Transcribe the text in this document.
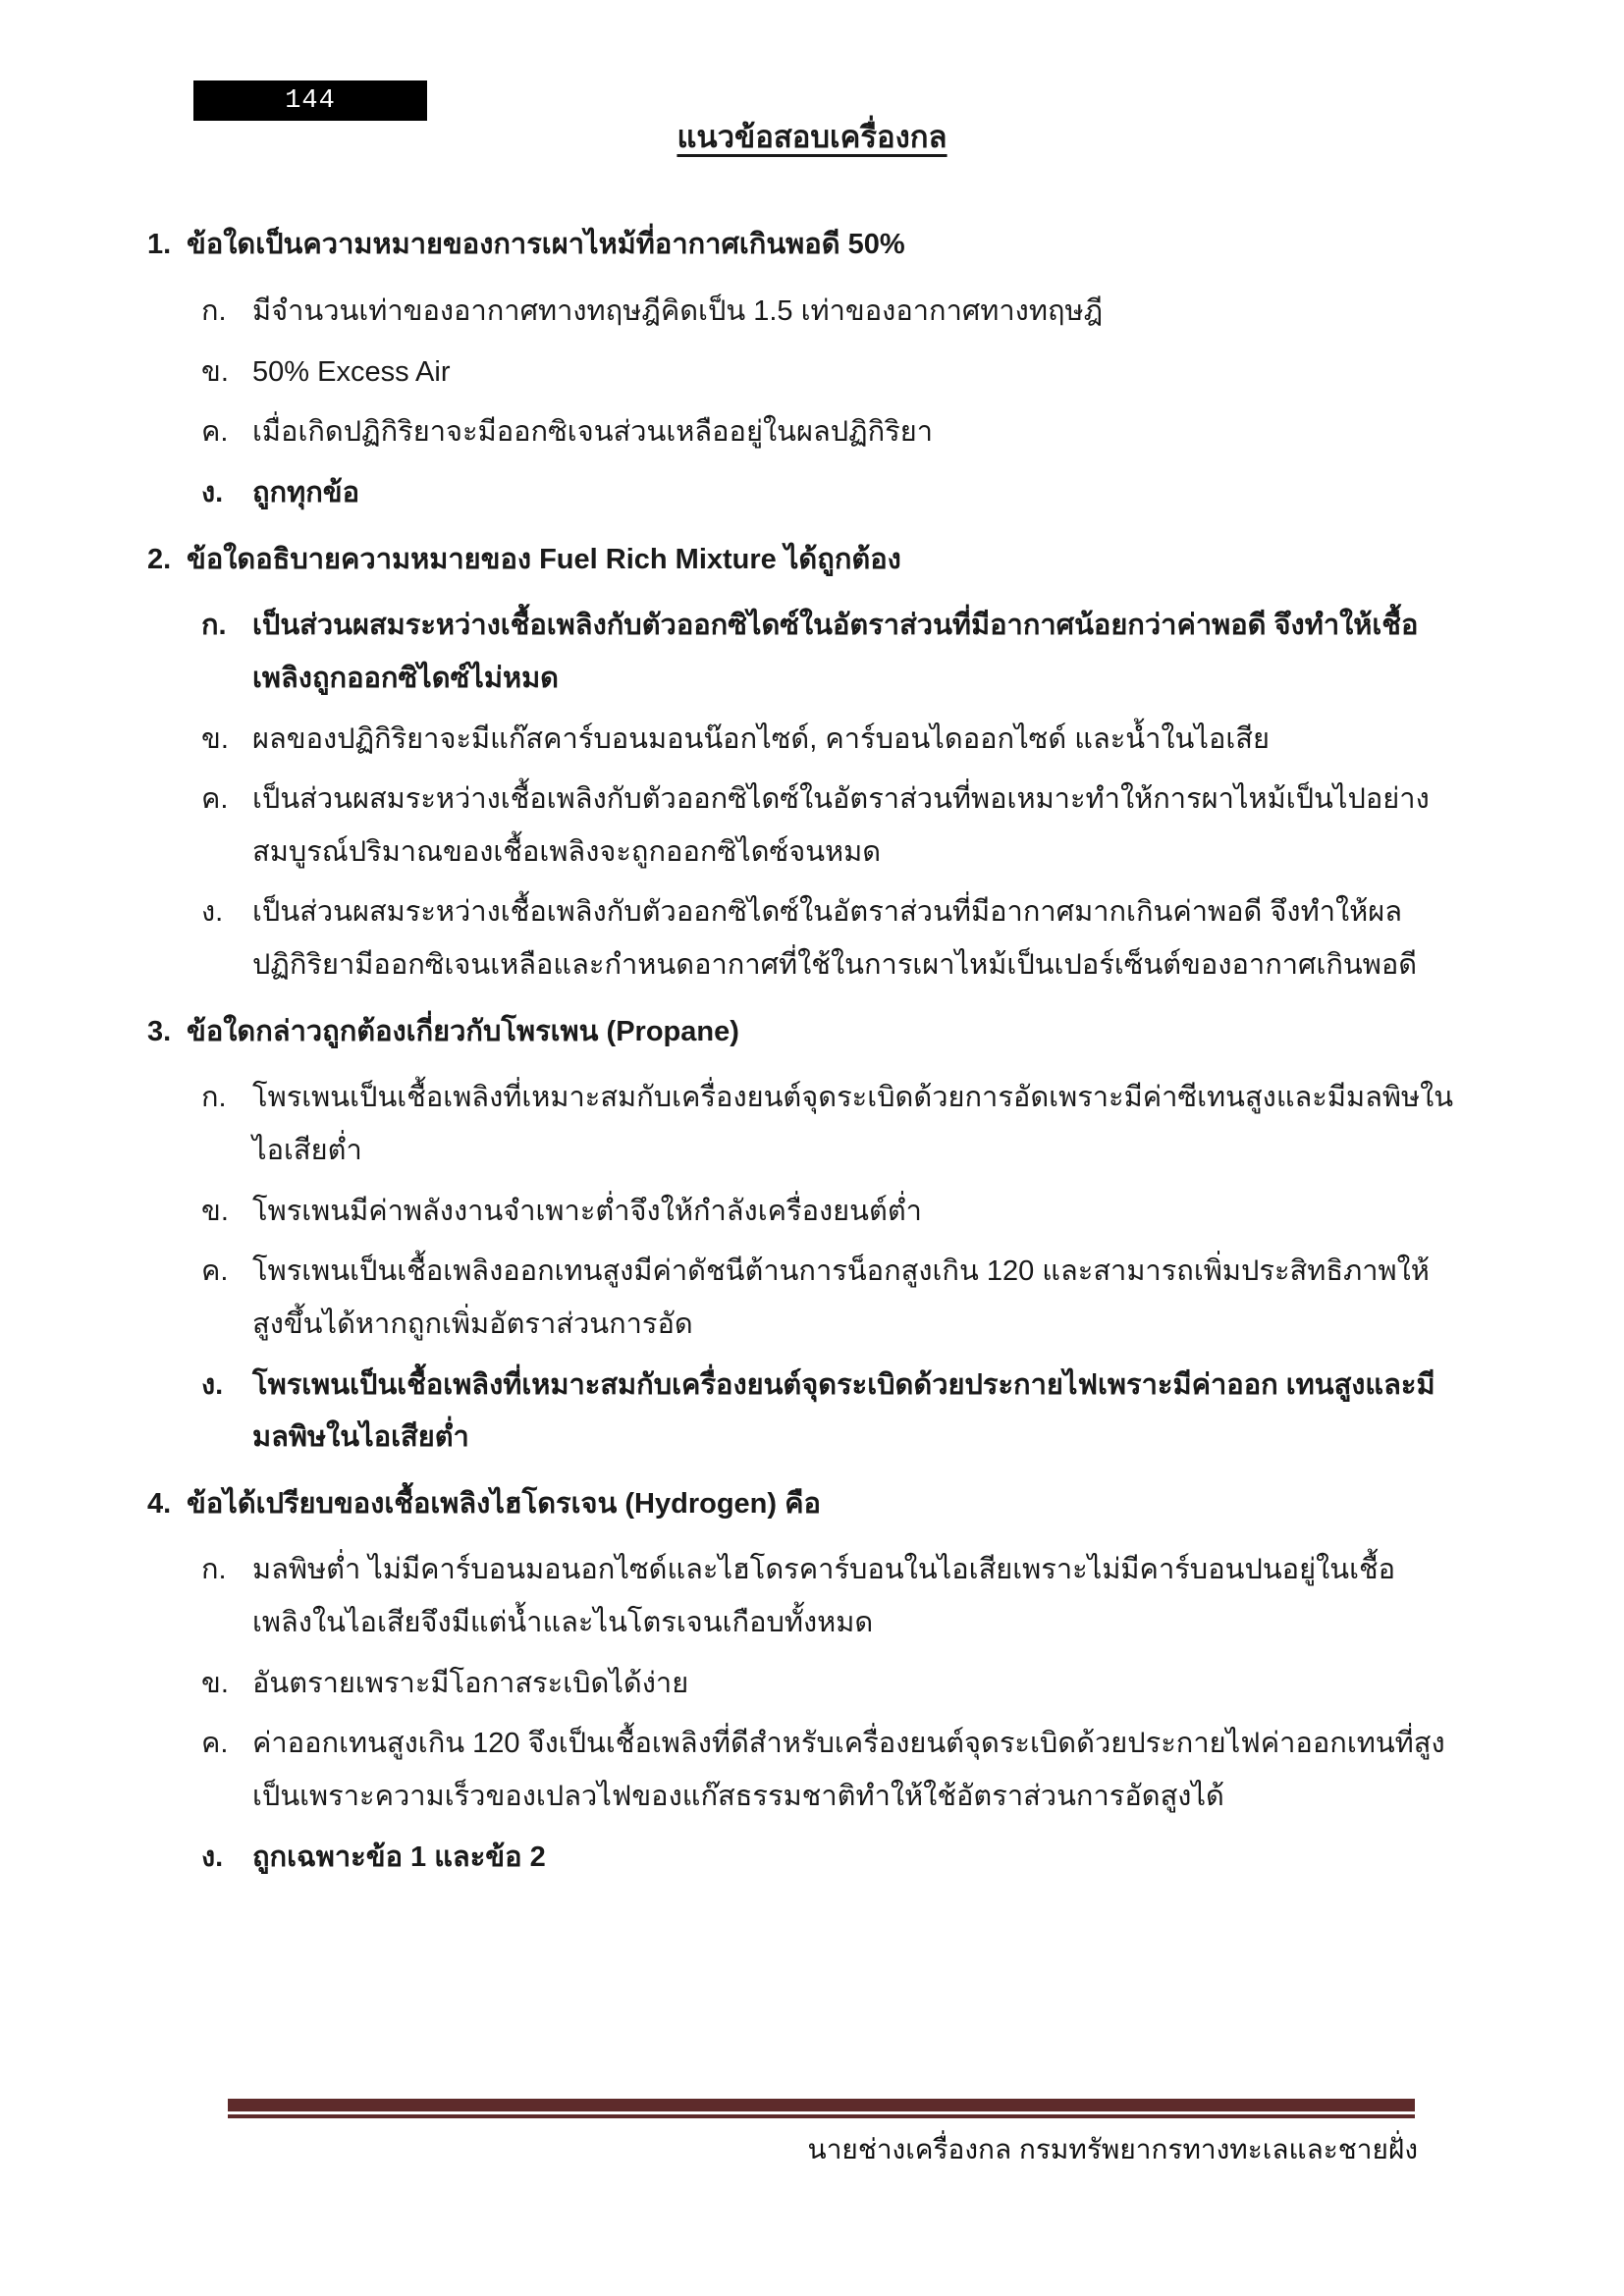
144
แนวข้อสอบเครื่องกล
1. ข้อใดเป็นความหมายของการเผาไหม้ที่อากาศเกินพอดี 50%
ก. มีจำนวนเท่าของอากาศทางทฤษฎีคิดเป็น 1.5 เท่าของอากาศทางทฤษฎี
ข. 50% Excess Air
ค. เมื่อเกิดปฏิกิริยาจะมีออกซิเจนส่วนเหลืออยู่ในผลปฏิกิริยา
ง.	ถูกทุกข้อ
2. ข้อใดอธิบายความหมายของ Fuel Rich Mixture ได้ถูกต้อง
ก. เป็นส่วนผสมระหว่างเชื้อเพลิงกับตัวออกซิไดซ์ในอัตราส่วนที่มีอากาศน้อยกว่าค่าพอดี จึงทำให้เชื้อเพลิงถูกออกซิไดซ์ไม่หมด
ข. ผลของปฏิกิริยาจะมีแก๊สคาร์บอนมอนน๊อกไซด์, คาร์บอนไดออกไซด์ และน้ำในไอเสีย
ค. เป็นส่วนผสมระหว่างเชื้อเพลิงกับตัวออกซิไดซ์ในอัตราส่วนที่พอเหมาะทำให้การผาไหม้เป็นไปอย่างสมบูรณ์ปริมาณของเชื้อเพลิงจะถูกออกซิไดซ์จนหมด
ง.	เป็นส่วนผสมระหว่างเชื้อเพลิงกับตัวออกซิไดซ์ในอัตราส่วนที่มีอากาศมากเกินค่าพอดี จึงทำให้ผลปฏิกิริยามีออกซิเจนเหลือและกำหนดอากาศที่ใช้ในการเผาไหม้เป็นเปอร์เซ็นต์ของอากาศเกินพอดี
3. ข้อใดกล่าวถูกต้องเกี่ยวกับโพรเพน (Propane)
ก. โพรเพนเป็นเชื้อเพลิงที่เหมาะสมกับเครื่องยนต์จุดระเบิดด้วยการอัดเพราะมีค่าซีเทนสูงและมีมลพิษในไอเสียต่ำ
ข. โพรเพนมีค่าพลังงานจำเพาะต่ำจึงให้กำลังเครื่องยนต์ต่ำ
ค. โพรเพนเป็นเชื้อเพลิงออกเทนสูงมีค่าดัชนีต้านการน็อกสูงเกิน 120 และสามารถเพิ่มประสิทธิภาพให้สูงขึ้นได้หากถูกเพิ่มอัตราส่วนการอัด
ง.	โพรเพนเป็นเชื้อเพลิงที่เหมาะสมกับเครื่องยนต์จุดระเบิดด้วยประกายไฟเพราะมีค่าออก เทนสูงและมีมลพิษในไอเสียต่ำ
4. ข้อได้เปรียบของเชื้อเพลิงไฮโดรเจน (Hydrogen) คือ
ก. มลพิษต่ำ ไม่มีคาร์บอนมอนอกไซด์และไฮโดรคาร์บอนในไอเสียเพราะไม่มีคาร์บอนปนอยู่ในเชื้อเพลิงในไอเสียจึงมีแต่น้ำและไนโตรเจนเกือบทั้งหมด
ข. อันตรายเพราะมีโอกาสระเบิดได้ง่าย
ค. ค่าออกเทนสูงเกิน 120 จึงเป็นเชื้อเพลิงที่ดีสำหรับเครื่องยนต์จุดระเบิดด้วยประกายไฟค่าออกเทนที่สูงเป็นเพราะความเร็วของเปลวไฟของแก๊สธรรมชาติทำให้ใช้อัตราส่วนการอัดสูงได้
ง.	ถูกเฉพาะข้อ 1 และข้อ 2
นายช่างเครื่องกล กรมทรัพยากรทางทะเลและชายฝั่ง
